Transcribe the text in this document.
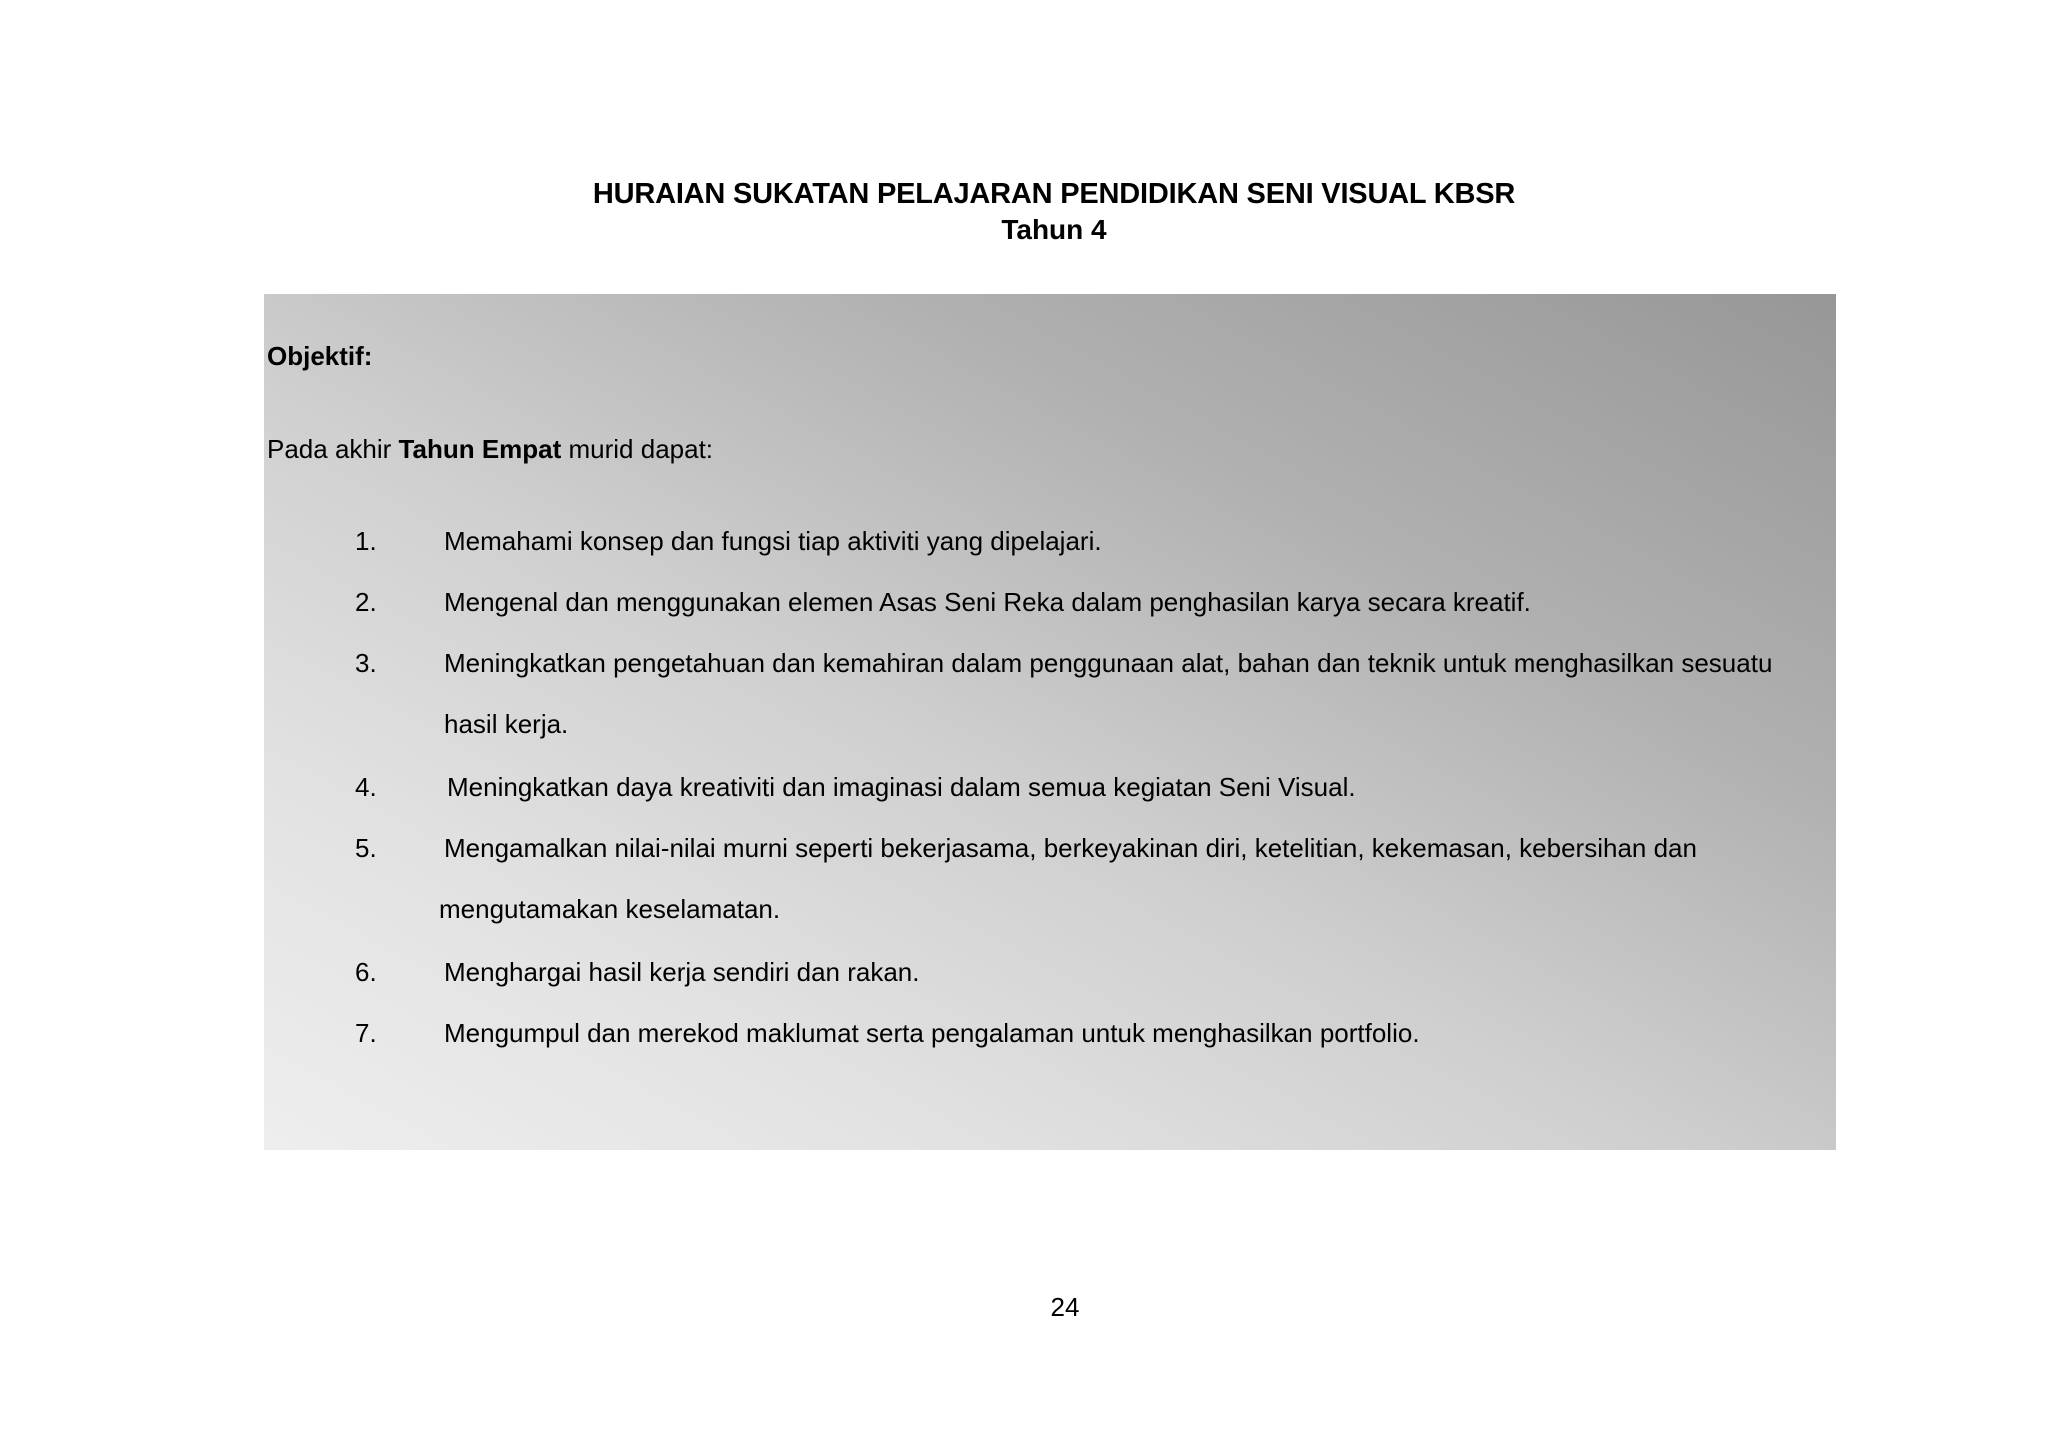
HURAIAN SUKATAN PELAJARAN PENDIDIKAN SENI VISUAL KBSR
Tahun 4
Objektif:
Pada akhir Tahun Empat murid dapat:
1.	Memahami konsep dan fungsi tiap aktiviti yang dipelajari.
2.	Mengenal dan menggunakan elemen Asas Seni Reka dalam penghasilan karya secara kreatif.
3.	Meningkatkan pengetahuan dan kemahiran dalam penggunaan alat, bahan dan teknik untuk menghasilkan sesuatu
hasil kerja.
4.	Meningkatkan daya kreativiti dan imaginasi dalam semua kegiatan Seni Visual.
5.	Mengamalkan nilai-nilai murni seperti bekerjasama, berkeyakinan diri, ketelitian, kekemasan, kebersihan dan
mengutamakan keselamatan.
6.	Menghargai hasil kerja sendiri dan rakan.
7.	Mengumpul dan merekod maklumat serta pengalaman untuk menghasilkan portfolio.
24
